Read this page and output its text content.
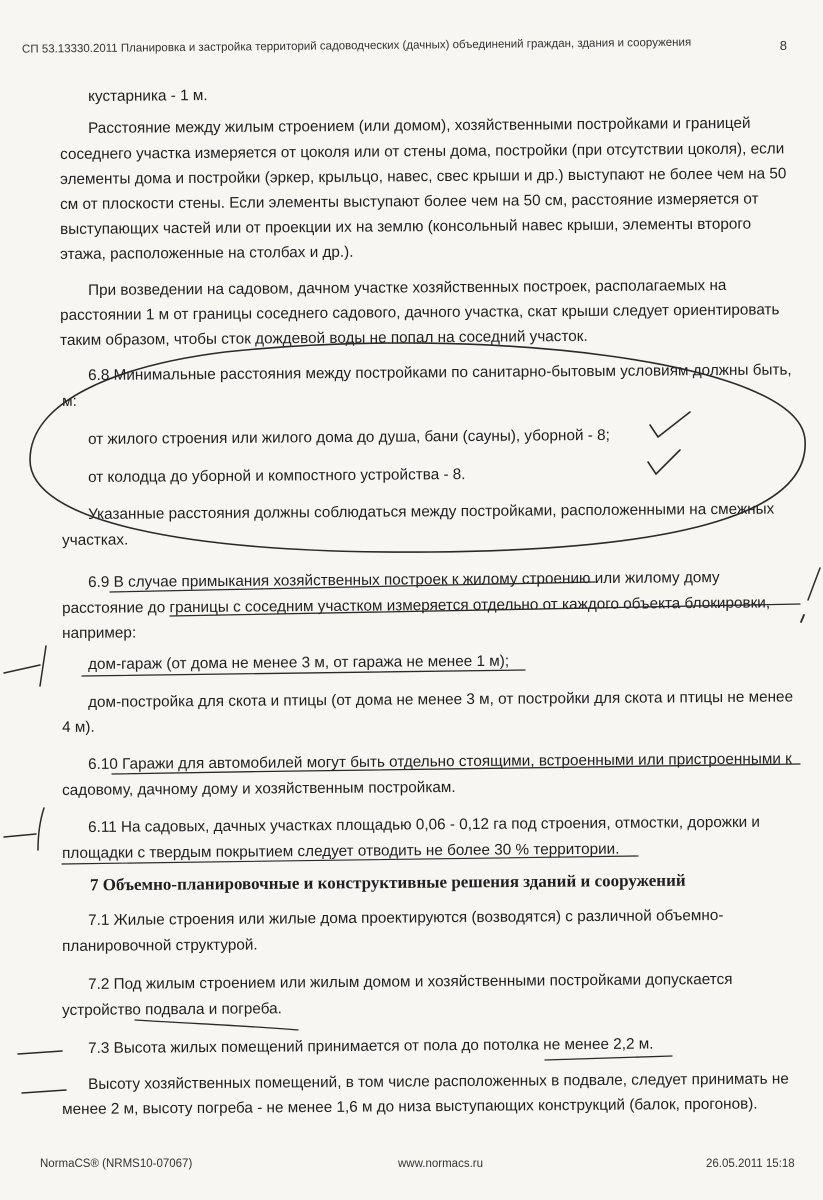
СП 53.13330.2011 Планировка и застройка территорий садоводческих (дачных) объединений граждан, здания и сооружения	8
кустарника - 1 м.
Расстояние между жилым строением (или домом), хозяйственными постройками и границей
соседнего участка измеряется от цоколя или от стены дома, постройки (при отсутствии цоколя), если
элементы дома и постройки (эркер, крыльцо, навес, свес крыши и др.) выступают не более чем на 50
см от плоскости стены. Если элементы выступают более чем на 50 см, расстояние измеряется от
выступающих частей или от проекции их на землю (консольный навес крыши, элементы второго
этажа, расположенные на столбах и др.).
При возведении на садовом, дачном участке хозяйственных построек, располагаемых на
расстоянии 1 м от границы соседнего садового, дачного участка, скат крыши следует ориентировать
таким образом, чтобы сток дождевой воды не попал на соседний участок.
6.8 Минимальные расстояния между постройками по санитарно-бытовым условиям должны быть,
м:
от жилого строения или жилого дома до душа, бани (сауны), уборной - 8;
от колодца до уборной и компостного устройства - 8.
Указанные расстояния должны соблюдаться между постройками, расположенными на смежных
участках.
6.9 В случае примыкания хозяйственных построек к жилому строению или жилому дому
расстояние до границы с соседним участком измеряется отдельно от каждого объекта блокировки,
например:
дом-гараж (от дома не менее 3 м, от гаража не менее 1 м);
дом-постройка для скота и птицы (от дома не менее 3 м, от постройки для скота и птицы не менее
4 м).
6.10 Гаражи для автомобилей могут быть отдельно стоящими, встроенными или пристроенными к
садовому, дачному дому и хозяйственным постройкам.
6.11 На садовых, дачных участках площадью 0,06 - 0,12 га под строения, отмостки, дорожки и
площадки с твердым покрытием следует отводить не более 30 % территории.
7 Объемно-планировочные и конструктивные решения зданий и сооружений
7.1 Жилые строения или жилые дома проектируются (возводятся) с различной объемно-
планировочной структурой.
7.2 Под жилым строением или жилым домом и хозяйственными постройками допускается
устройство подвала и погреба.
7.3 Высота жилых помещений принимается от пола до потолка не менее 2,2 м.
Высоту хозяйственных помещений, в том числе расположенных в подвале, следует принимать не
менее 2 м, высоту погреба - не менее 1,6 м до низа выступающих конструкций (балок, прогонов).
NormaCS® (NRMS10-07067)	www.normacs.ru	26.05.2011 15:18
